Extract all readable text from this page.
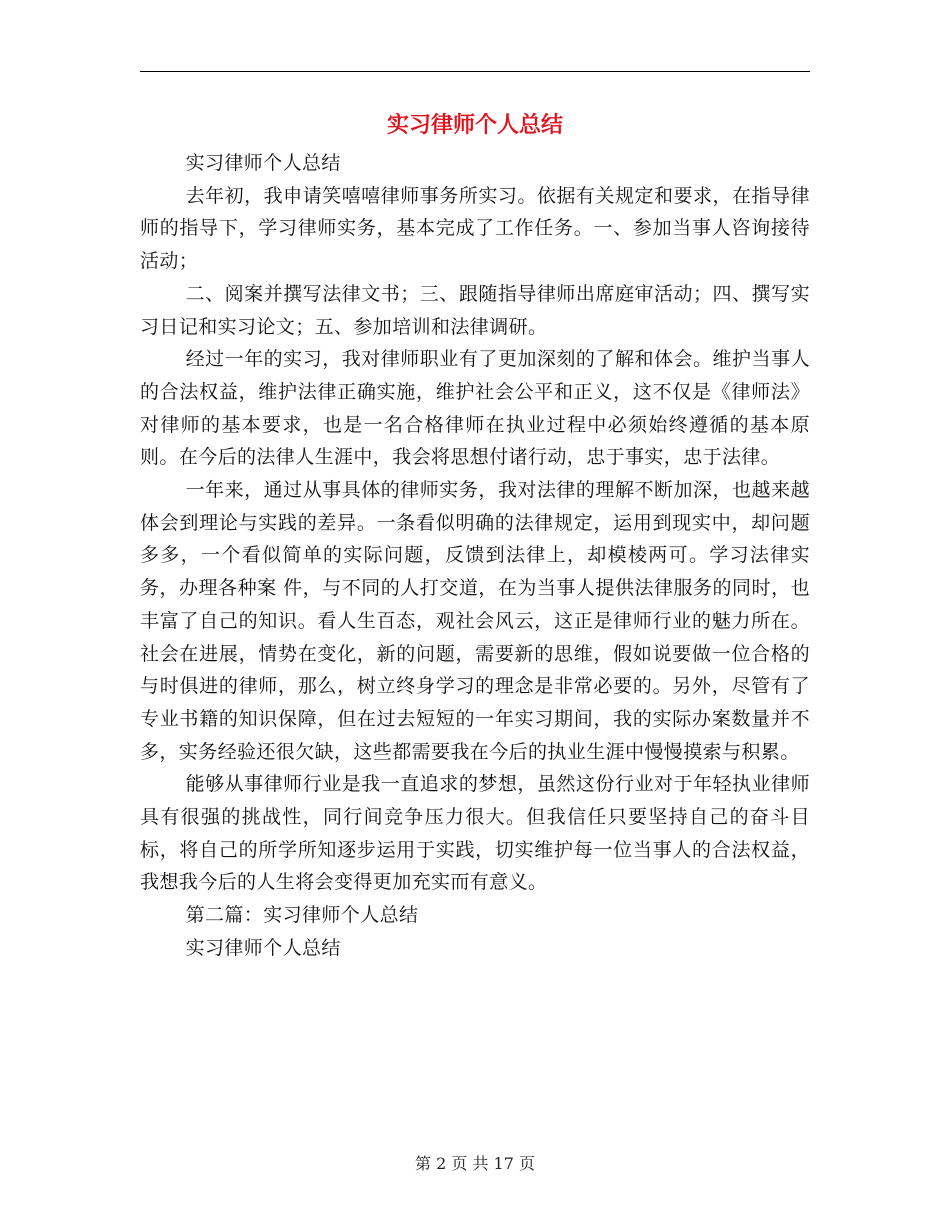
实习律师个人总结

实习律师个人总结

去年初，我申请笑嘻嘻律师事务所实习。依据有关规定和要求，在指导律师的指导下，学习律师实务，基本完成了工作任务。一、参加当事人咨询接待活动；

二、阅案并撰写法律文书；三、跟随指导律师出席庭审活动；四、撰写实习日记和实习论文；五、参加培训和法律调研。

经过一年的实习，我对律师职业有了更加深刻的了解和体会。维护当事人的合法权益，维护法律正确实施，维护社会公平和正义，这不仅是《律师法》对律师的基本要求，也是一名合格律师在执业过程中必须始终遵循的基本原则。在今后的法律人生涯中，我会将思想付诸行动，忠于事实，忠于法律。

一年来，通过从事具体的律师实务，我对法律的理解不断加深，也越来越体会到理论与实践的差异。一条看似明确的法律规定，运用到现实中，却问题多多，一个看似简单的实际问题，反馈到法律上，却模棱两可。学习法律实务，办理各种案 件，与不同的人打交道，在为当事人提供法律服务的同时，也丰富了自己的知识。看人生百态，观社会风云，这正是律师行业的魅力所在。社会在进展，情势在变化，新的问题，需要新的思维，假如说要做一位合格的与时俱进的律师，那么，树立终身学习的理念是非常必要的。另外，尽管有了专业书籍的知识保障，但在过去短短的一年实习期间，我的实际办案数量并不多，实务经验还很欠缺，这些都需要我在今后的执业生涯中慢慢摸索与积累。

能够从事律师行业是我一直追求的梦想，虽然这份行业对于年轻执业律师具有很强的挑战性，同行间竞争压力很大。但我信任只要坚持自己的奋斗目标，将自己的所学所知逐步运用于实践，切实维护每一位当事人的合法权益，我想我今后的人生将会变得更加充实而有意义。

第二篇：实习律师个人总结

实习律师个人总结

第 2 页 共 17 页
